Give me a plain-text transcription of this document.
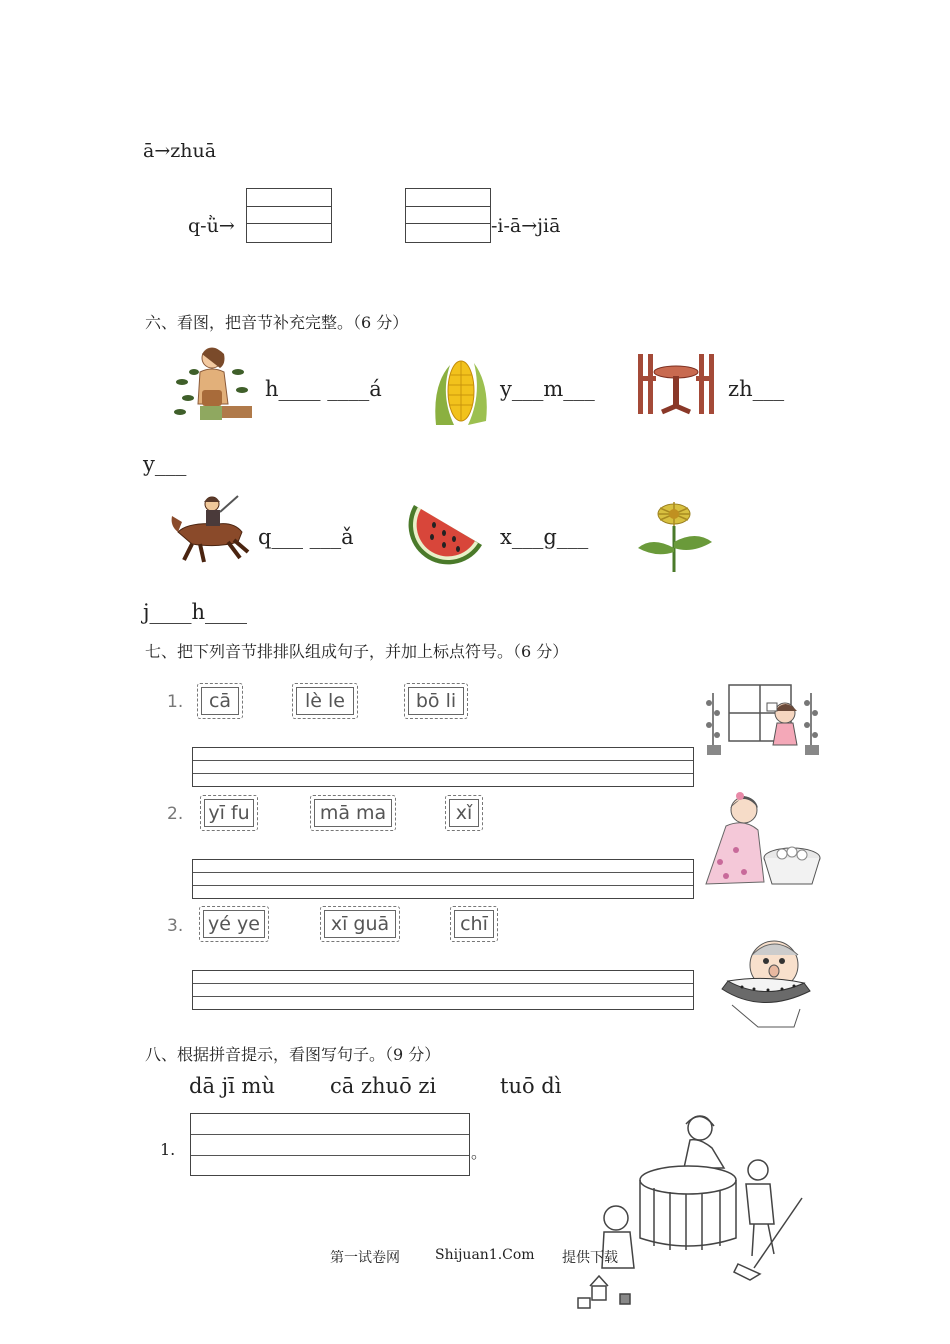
ā→zhuā
q-ǜ→	-i-ā→jiā
六、看图，把音节补充完整。（6 分）
h____ ____á	y___m___	zh___
y___
q___ ___ǎ	x___g___
j____h____
七、把下列音节排排队组成句子，并加上标点符号。（6 分）
1.	cā	lè le	bō li
2.	yī fu	mā ma	xǐ
3.	yé ye	xī guā	chī
八、根据拼音提示，看图写句子。（9 分）
dā jī mù	cā zhuō zi	tuō dì
1.	。
第一试卷网	Shijuan1.Com 提供下载
